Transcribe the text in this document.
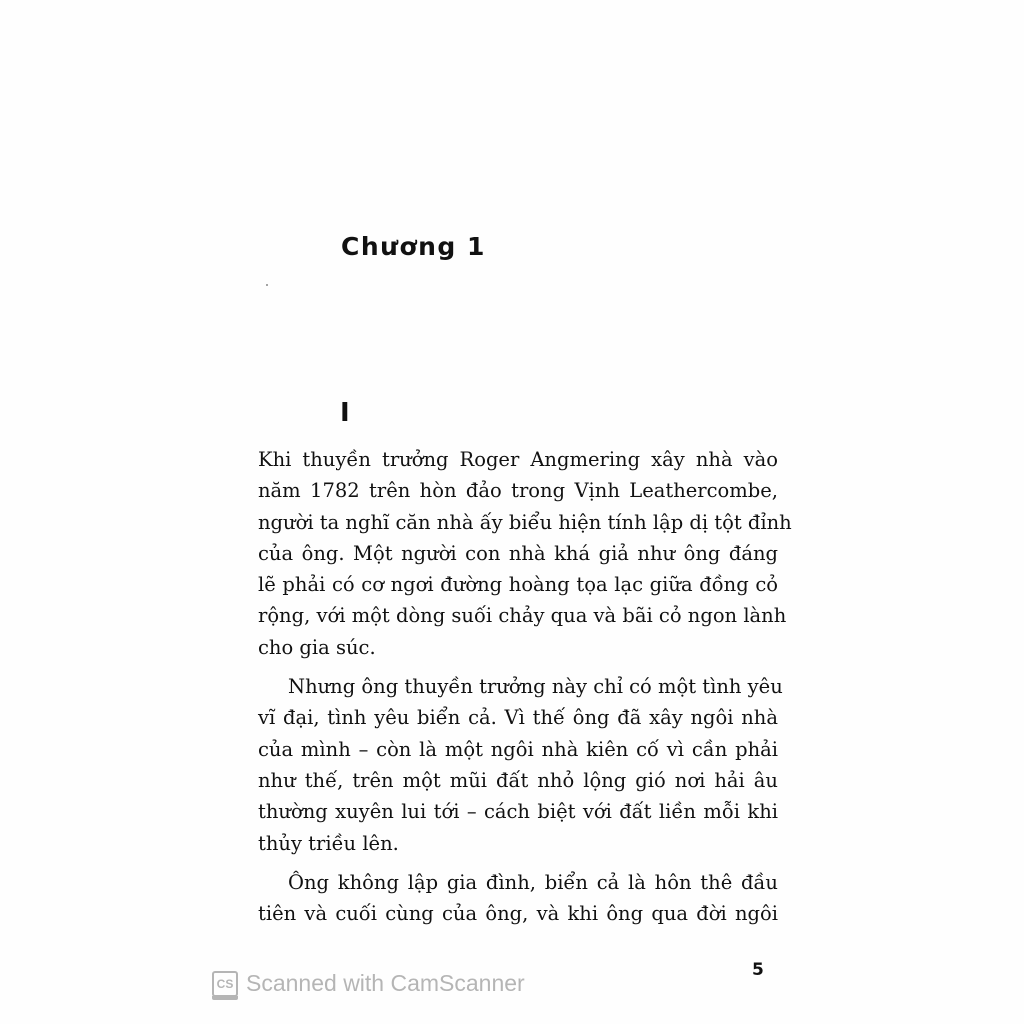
Chương 1
I
Khi thuyền trưởng Roger Angmering xây nhà vào
năm 1782 trên hòn đảo trong Vịnh Leathercombe,
người ta nghĩ căn nhà ấy biểu hiện tính lập dị tột đỉnh
của ông. Một người con nhà khá giả như ông đáng
lẽ phải có cơ ngơi đường hoàng tọa lạc giữa đồng cỏ
rộng, với một dòng suối chảy qua và bãi cỏ ngon lành
cho gia súc.
Nhưng ông thuyền trưởng này chỉ có một tình yêu
vĩ đại, tình yêu biển cả. Vì thế ông đã xây ngôi nhà
của mình – còn là một ngôi nhà kiên cố vì cần phải
như thế, trên một mũi đất nhỏ lộng gió nơi hải âu
thường xuyên lui tới – cách biệt với đất liền mỗi khi
thủy triều lên.
Ông không lập gia đình, biển cả là hôn thê đầu
tiên và cuối cùng của ông, và khi ông qua đời ngôi
5
CS Scanned with CamScanner
